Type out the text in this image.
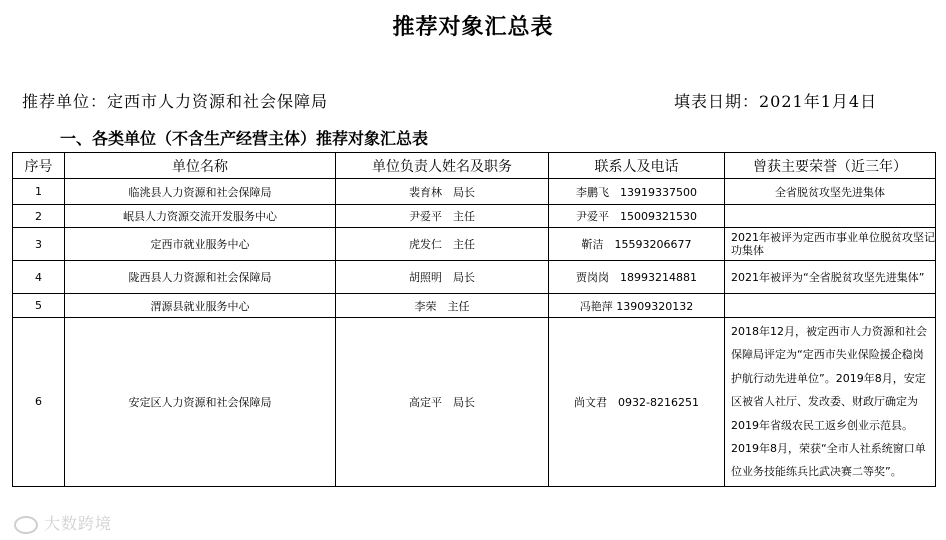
推荐对象汇总表
推荐单位：定西市人力资源和社会保障局	填表日期：2021年1月4日
一、各类单位（不含生产经营主体）推荐对象汇总表
序号	单位名称	单位负责人姓名及职务	联系人及电话	曾获主要荣誉（近三年）
1	临洮县人力资源和社会保障局	裴育林　局长	李鹏飞　13919337500	全省脱贫攻坚先进集体
2	岷县人力资源交流开发服务中心	尹爱平　主任	尹爱平　15009321530	
3	定西市就业服务中心	虎发仁　主任	靳洁　15593206677	2021年被评为定西市事业单位脱贫攻坚记功集体
4	陇西县人力资源和社会保障局	胡照明　局长	贾岗岗　18993214881	2021年被评为“全省脱贫攻坚先进集体”
5	渭源县就业服务中心	李荣　主任	冯艳萍 13909320132	
6	安定区人力资源和社会保障局	高定平　局长	尚文君　0932-8216251	2018年12月，被定西市人力资源和社会保障局评定为“定西市失业保险援企稳岗护航行动先进单位”。2019年8月，安定区被省人社厅、发改委、财政厅确定为2019年省级农民工返乡创业示范县。2019年8月，荣获“全市人社系统窗口单位业务技能练兵比武决赛二等奖”。
大数跨境
